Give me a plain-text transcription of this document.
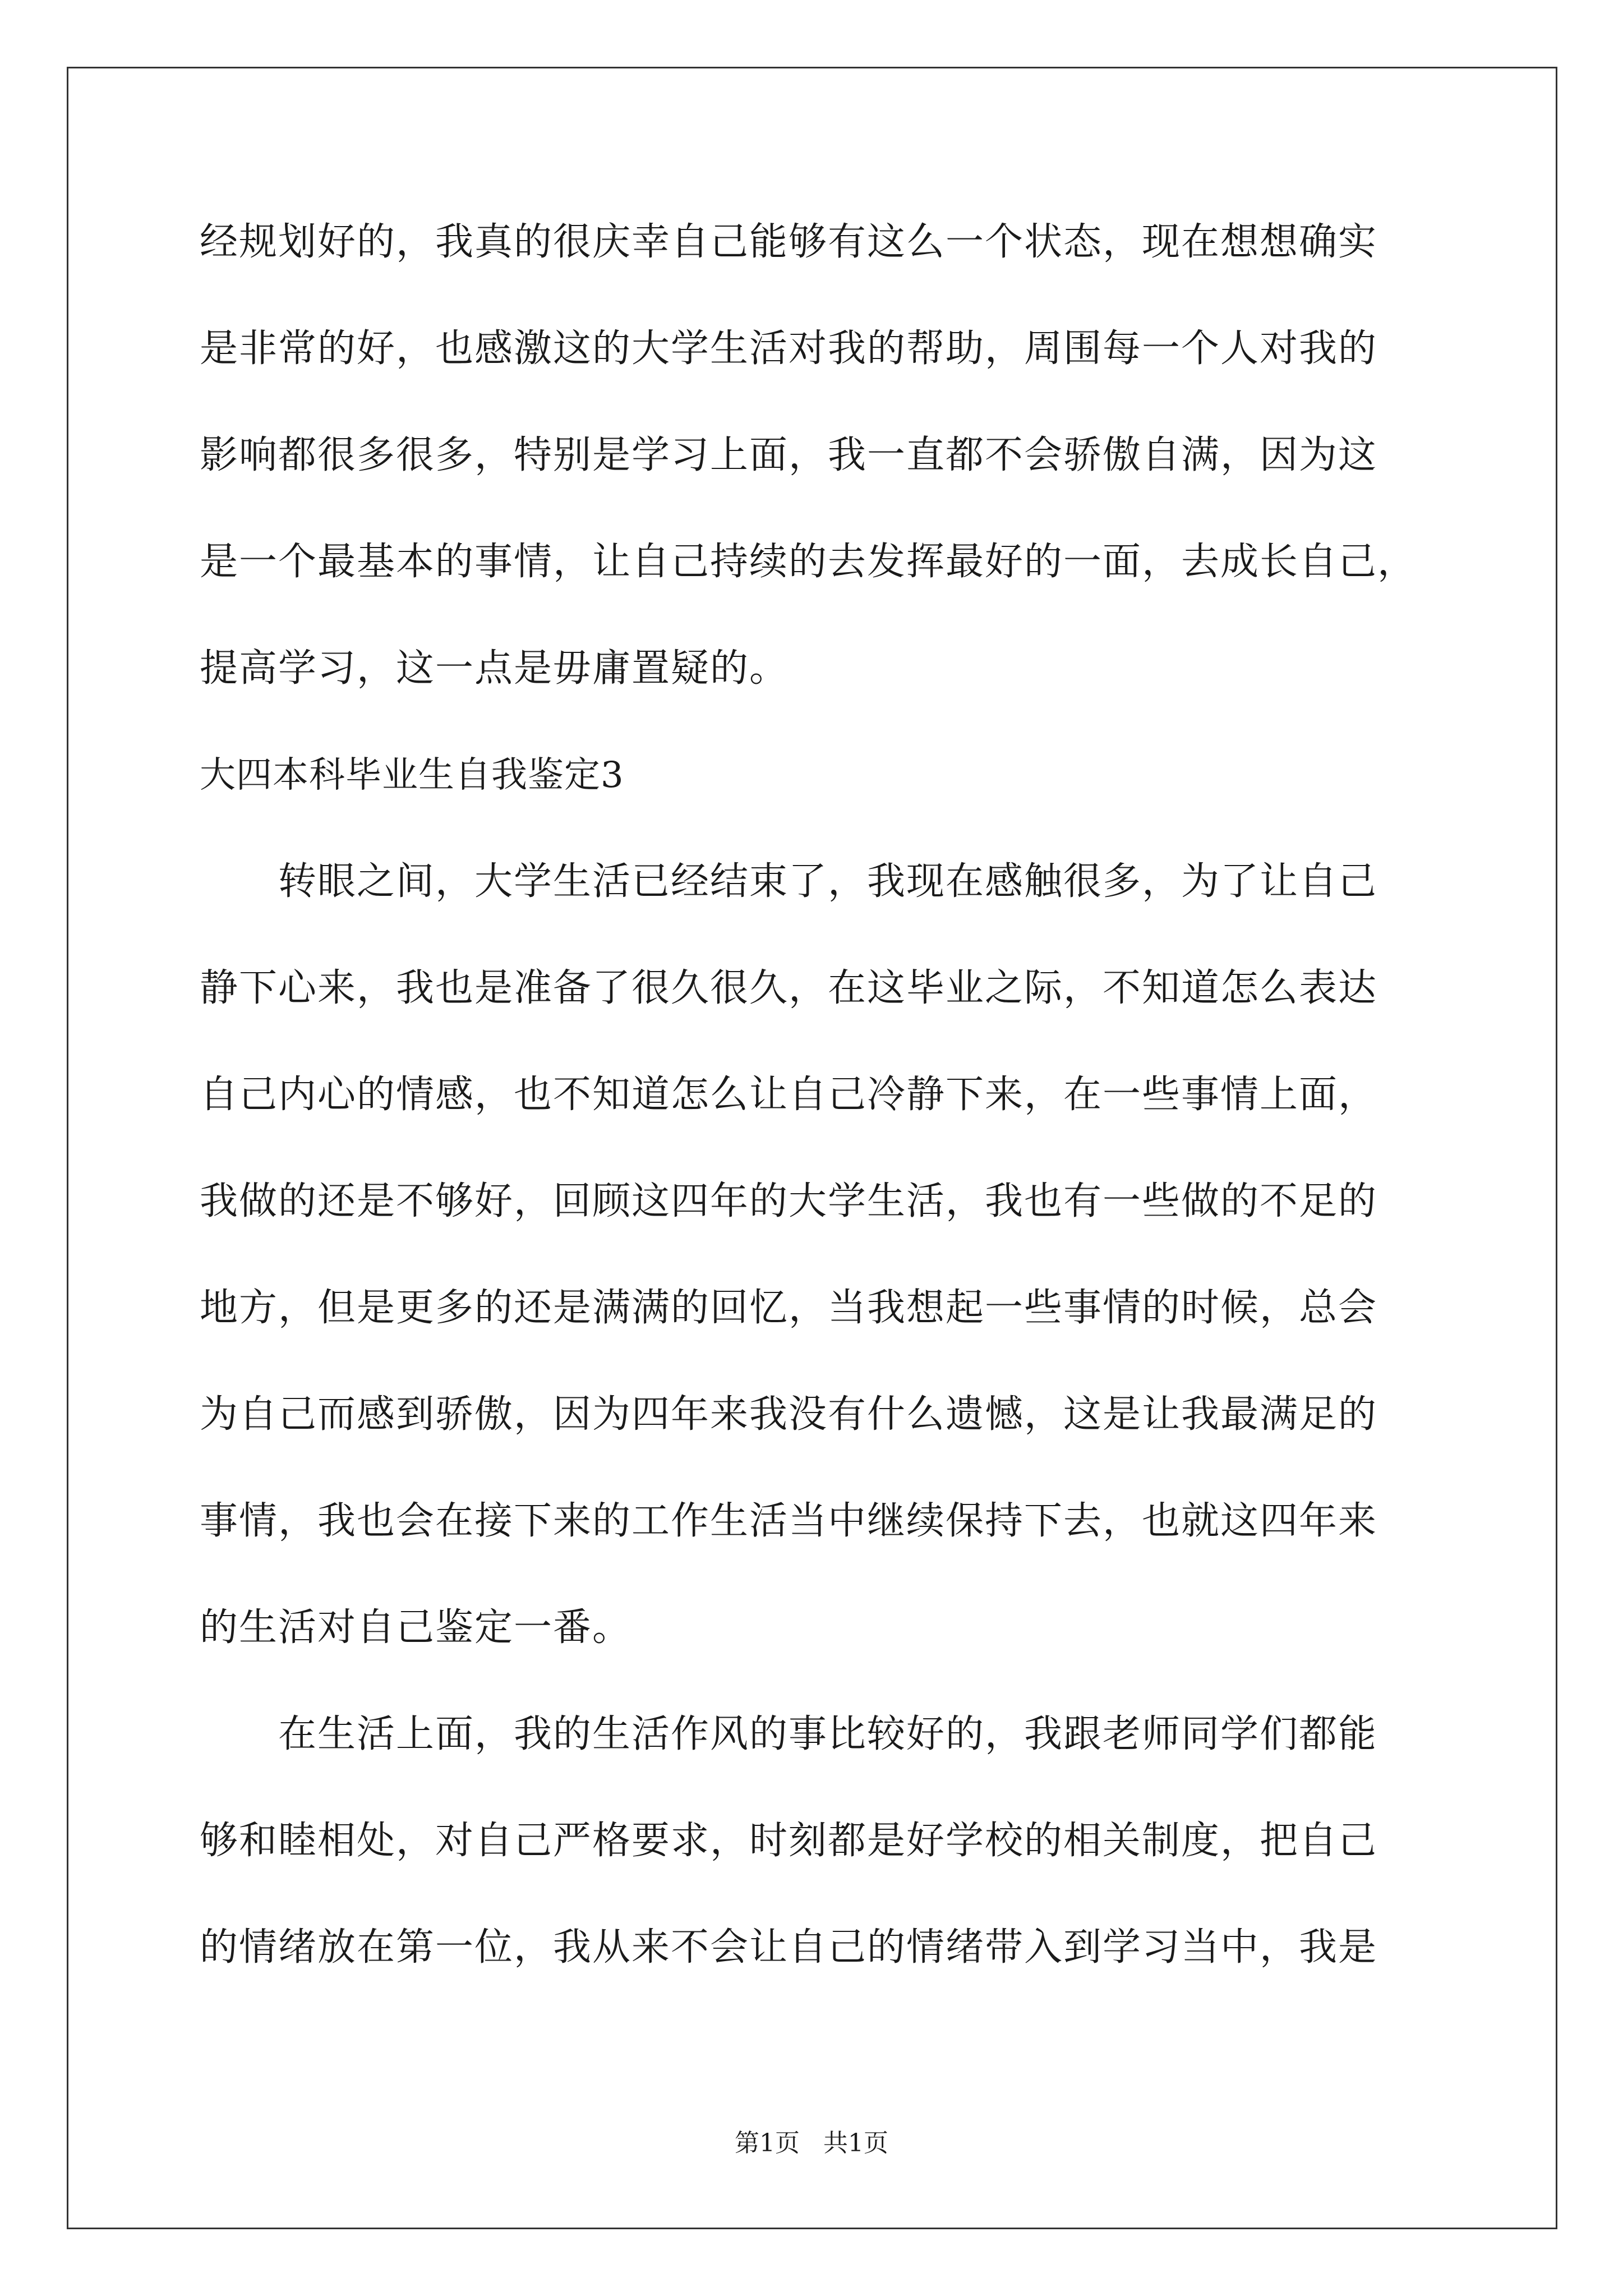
经规划好的，我真的很庆幸自己能够有这么一个状态，现在想想确实
是非常的好，也感激这的大学生活对我的帮助，周围每一个人对我的
影响都很多很多，特别是学习上面，我一直都不会骄傲自满，因为这
是一个最基本的事情，让自己持续的去发挥最好的一面，去成长自己，
提高学习，这一点是毋庸置疑的。
大四本科毕业生自我鉴定3
　　转眼之间，大学生活已经结束了，我现在感触很多，为了让自己
静下心来，我也是准备了很久很久，在这毕业之际，不知道怎么表达
自己内心的情感，也不知道怎么让自己冷静下来，在一些事情上面，
我做的还是不够好，回顾这四年的大学生活，我也有一些做的不足的
地方，但是更多的还是满满的回忆，当我想起一些事情的时候，总会
为自己而感到骄傲，因为四年来我没有什么遗憾，这是让我最满足的
事情，我也会在接下来的工作生活当中继续保持下去，也就这四年来
的生活对自己鉴定一番。
　　在生活上面，我的生活作风的事比较好的，我跟老师同学们都能
够和睦相处，对自己严格要求，时刻都是好学校的相关制度，把自己
的情绪放在第一位，我从来不会让自己的情绪带入到学习当中，我是
第1页   共1页
